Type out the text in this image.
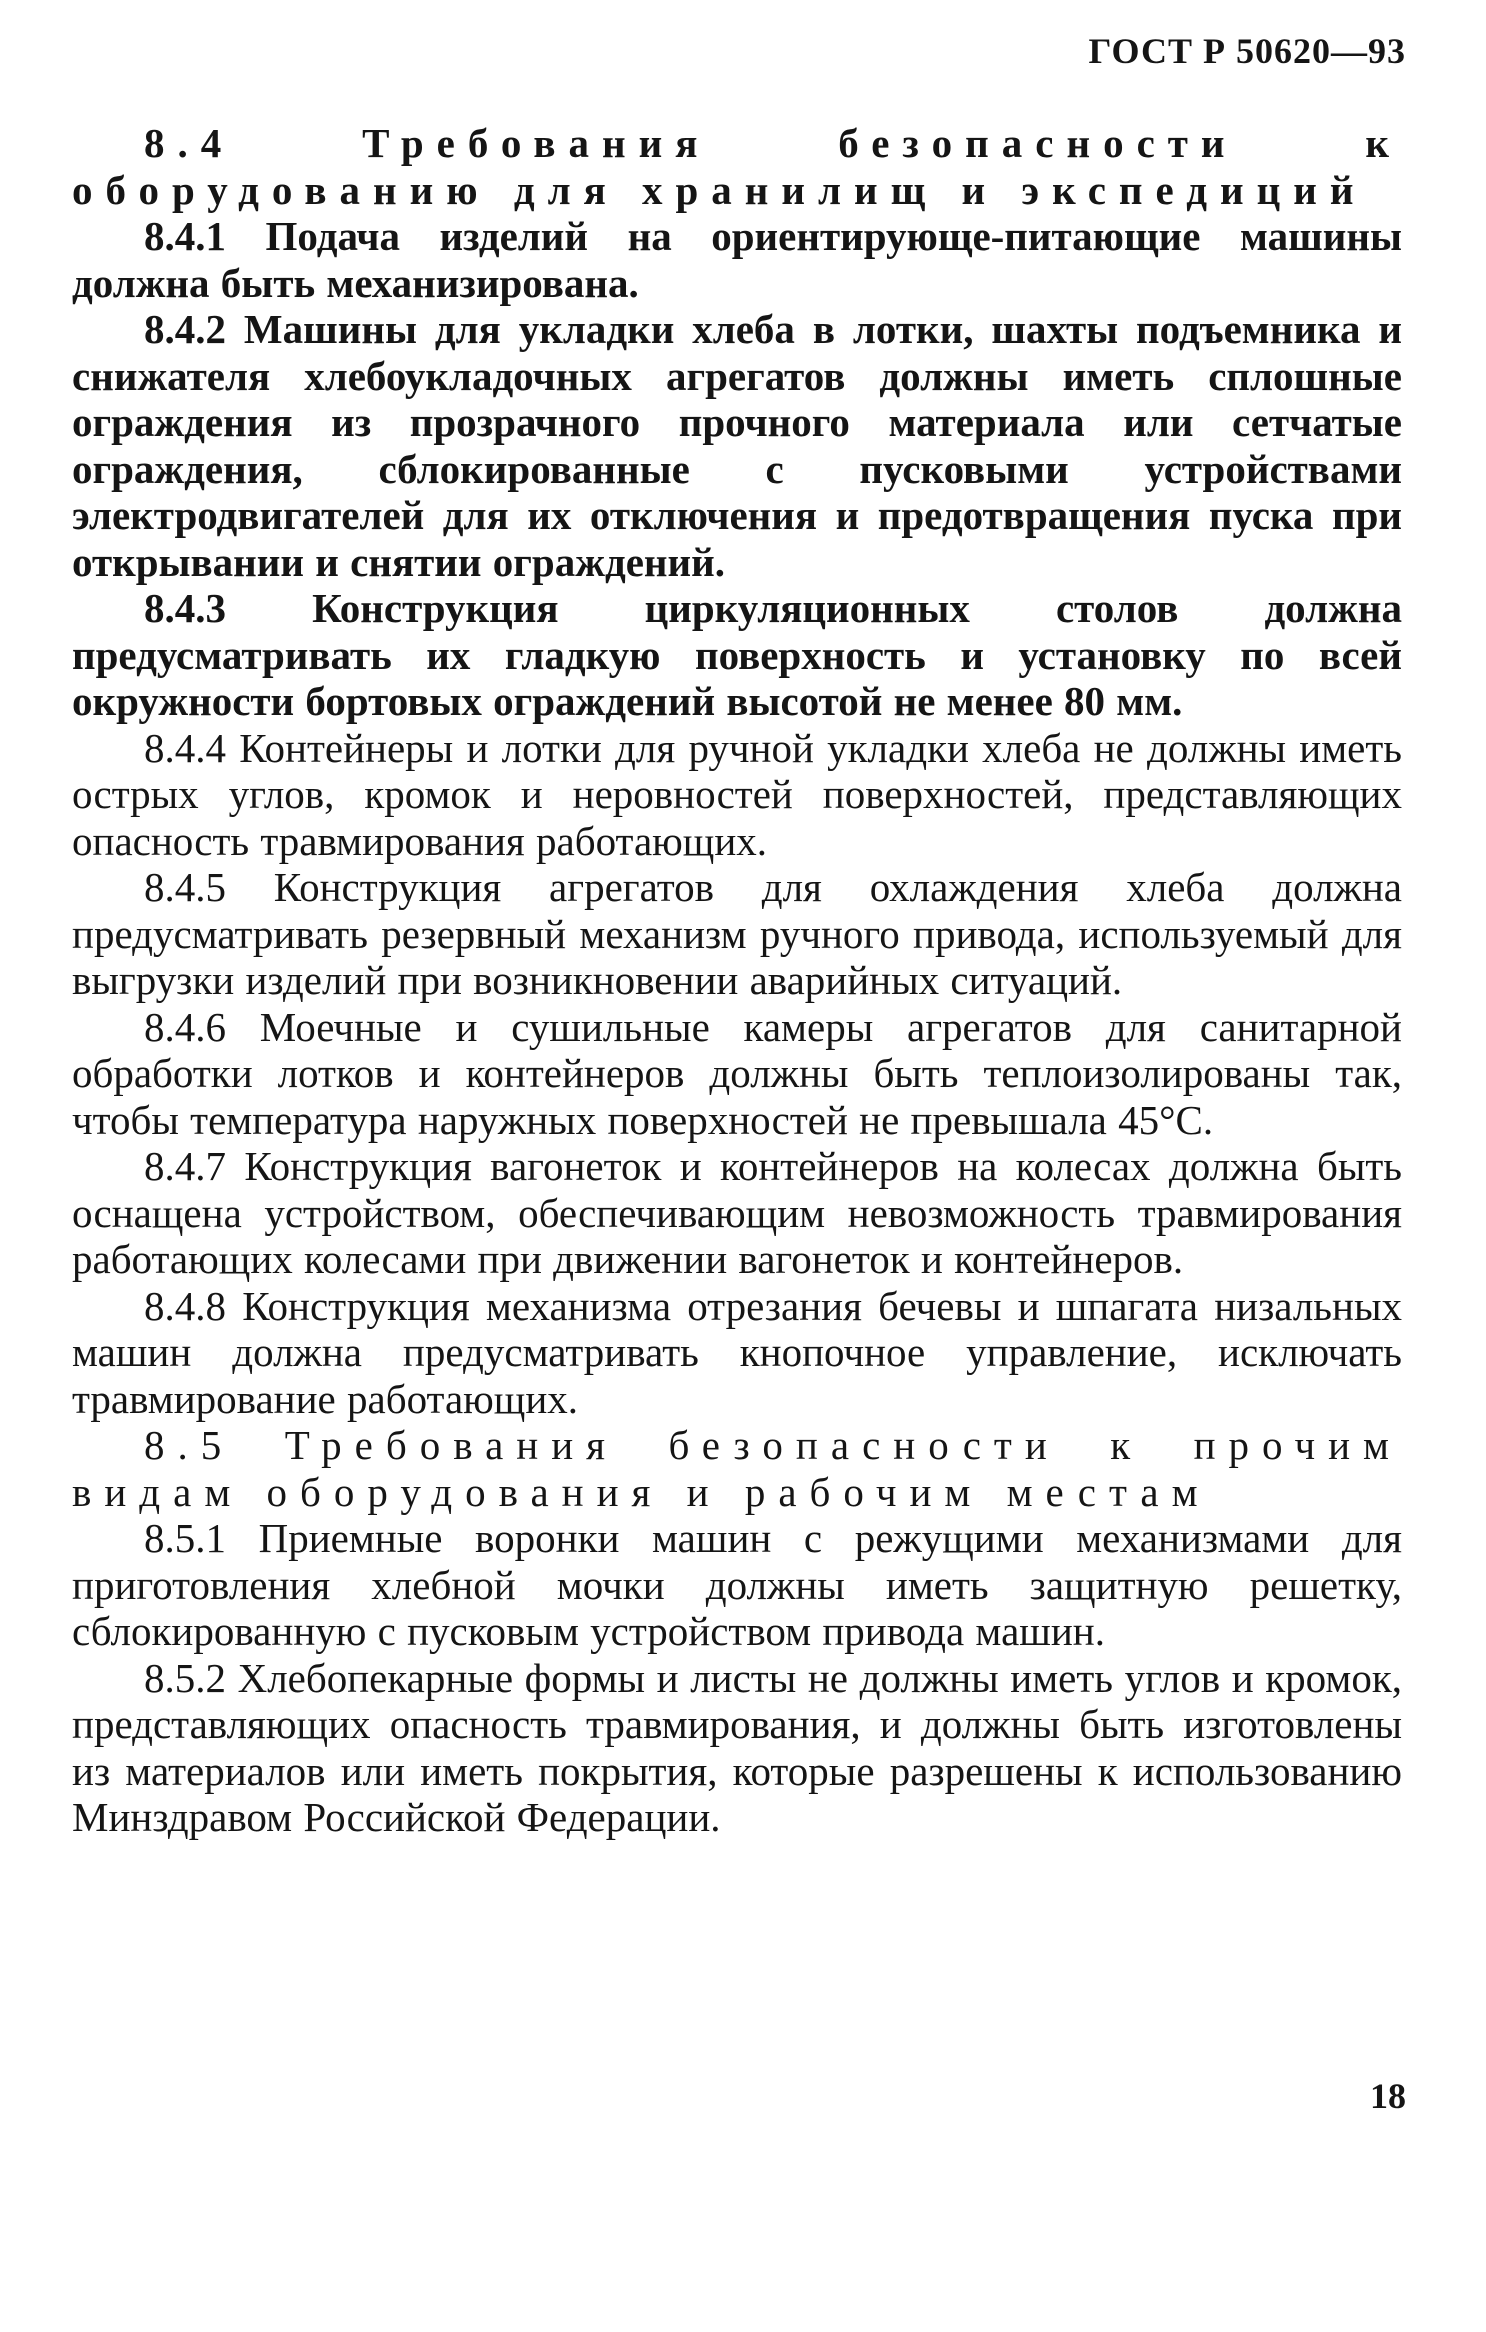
ГОСТ Р 50620—93

8.4 Требования безопасности к оборудованию для хранилищ и экспедиций

8.4.1 Подача изделий на ориентирующе-питающие машины должна быть механизирована.

8.4.2 Машины для укладки хлеба в лотки, шахты подъемника и снижателя хлебоукладочных агрегатов должны иметь сплошные ограждения из прозрачного прочного материала или сетчатые ограждения, сблокированные с пусковыми устройствами электродвигателей для их отключения и предотвращения пуска при открывании и снятии ограждений.

8.4.3 Конструкция циркуляционных столов должна предусматривать их гладкую поверхность и установку по всей окружности бортовых ограждений высотой не менее 80 мм.

8.4.4 Контейнеры и лотки для ручной укладки хлеба не должны иметь острых углов, кромок и неровностей поверхностей, представляющих опасность травмирования работающих.

8.4.5 Конструкция агрегатов для охлаждения хлеба должна предусматривать резервный механизм ручного привода, используемый для выгрузки изделий при возникновении аварийных ситуаций.

8.4.6 Моечные и сушильные камеры агрегатов для санитарной обработки лотков и контейнеров должны быть теплоизолированы так, чтобы температура наружных поверхностей не превышала 45°С.

8.4.7 Конструкция вагонеток и контейнеров на колесах должна быть оснащена устройством, обеспечивающим невозможность травмирования работающих колесами при движении вагонеток и контейнеров.

8.4.8 Конструкция механизма отрезания бечевы и шпагата низальных машин должна предусматривать кнопочное управление, исключать травмирование работающих.

8.5 Требования безопасности к прочим видам оборудования и рабочим местам

8.5.1 Приемные воронки машин с режущими механизмами для приготовления хлебной мочки должны иметь защитную решетку, сблокированную с пусковым устройством привода машин.

8.5.2 Хлебопекарные формы и листы не должны иметь углов и кромок, представляющих опасность травмирования, и должны быть изготовлены из материалов или иметь покрытия, которые разрешены к использованию Минздравом Российской Федерации.

18
